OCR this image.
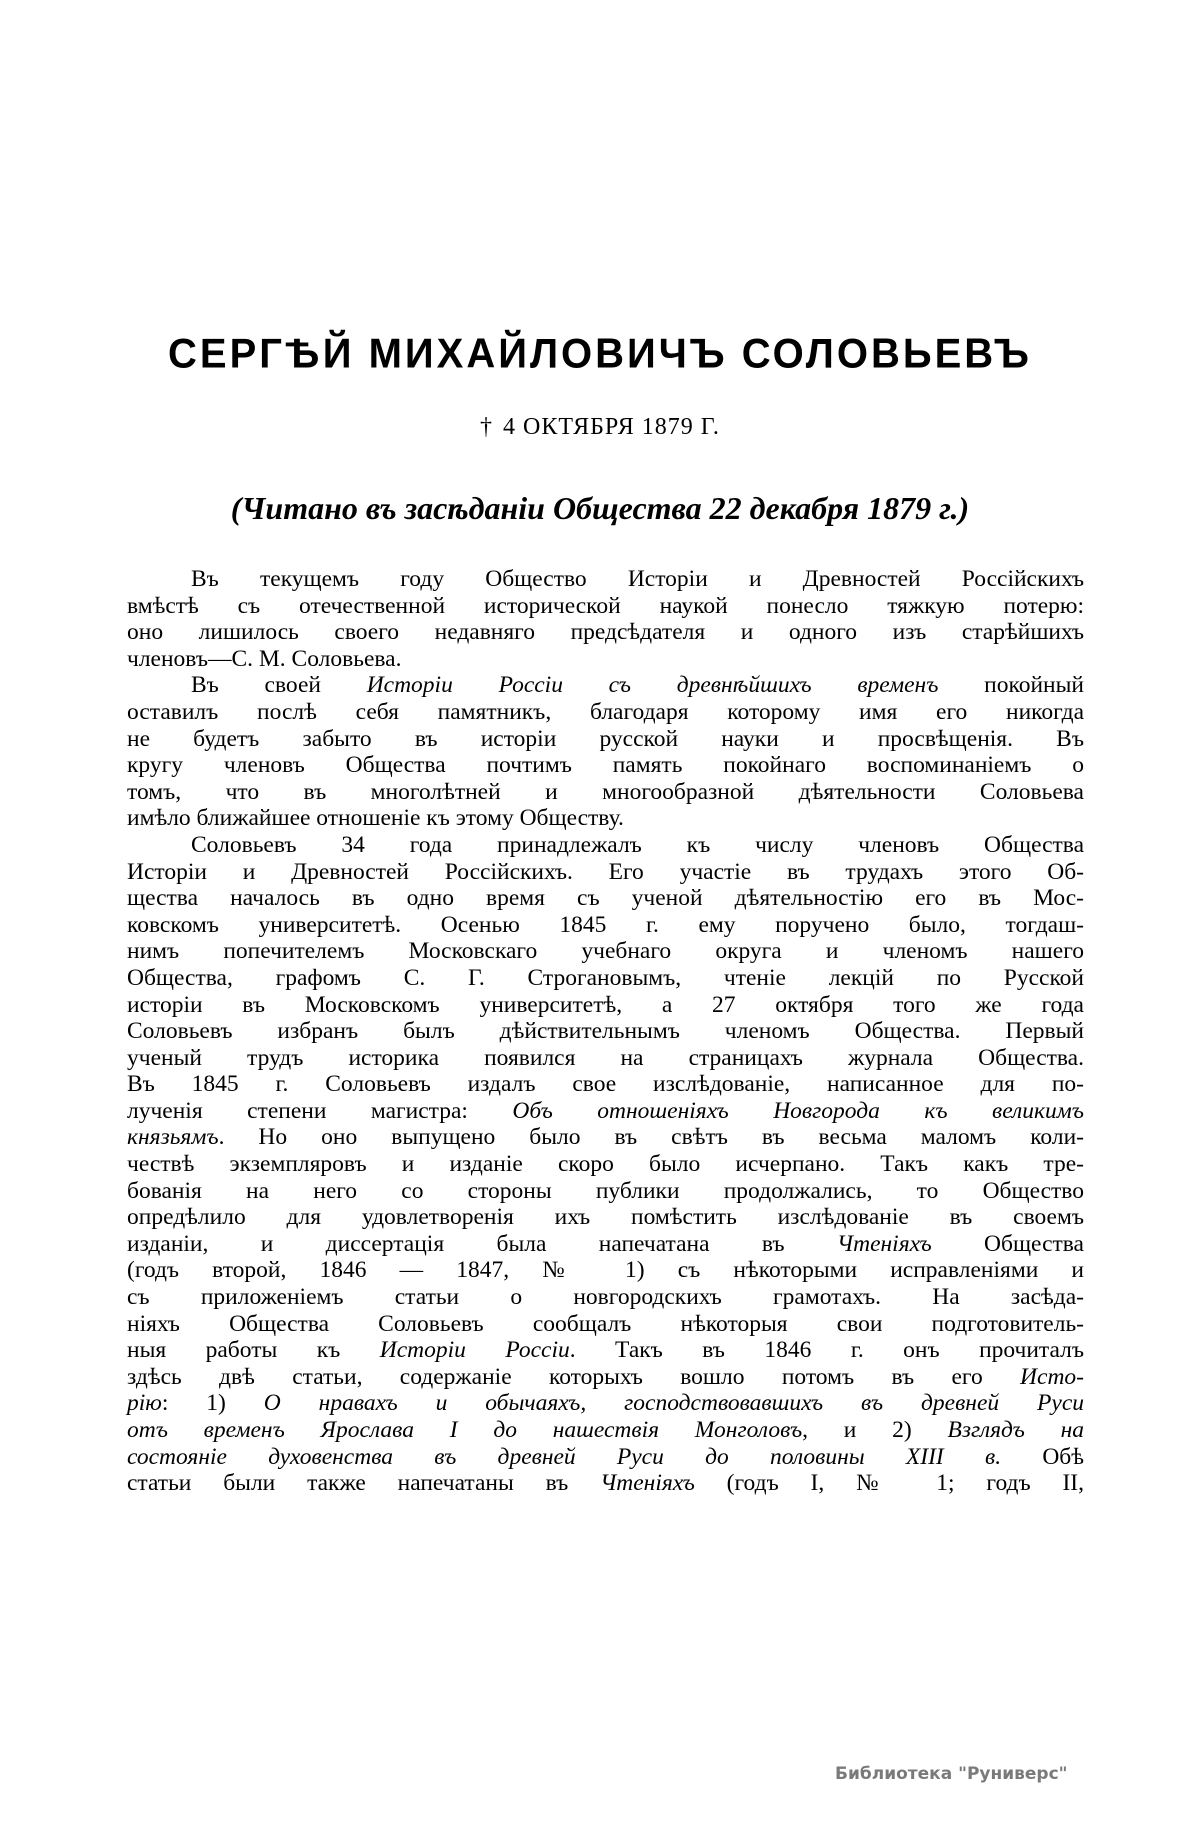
СЕРГѢЙ МИХАЙЛОВИЧЪ СОЛОВЬЕВЪ
† 4 ОКТЯБРЯ 1879 Г.
(Читано въ засѣданіи Общества 22 декабря 1879 г.)
Въ текущемъ году Общество Исторіи и Древностей Россійскихъ
вмѣстѣ съ отечественной исторической наукой понесло тяжкую потерю:
оно лишилось своего недавняго предсѣдателя и одного изъ старѣйшихъ
членовъ—С. М. Соловьева.
Въ своей Исторіи Россіи съ древнѣйшихъ временъ покойный
оставилъ послѣ себя памятникъ, благодаря которому имя его никогда
не будетъ забыто въ исторіи русской науки и просвѣщенія. Въ
кругу членовъ Общества почтимъ память покойнаго воспоминаніемъ о
томъ, что въ многолѣтней и многообразной дѣятельности Соловьева
имѣло ближайшее отношеніе къ этому Обществу.
Соловьевъ 34 года принадлежалъ къ числу членовъ Общества
Исторіи и Древностей Россійскихъ. Его участіе въ трудахъ этого Об-
щества началось въ одно время съ ученой дѣятельностію его въ Мос-
ковскомъ университетѣ. Осенью 1845 г. ему поручено было, тогдаш-
нимъ попечителемъ Московскаго учебнаго округа и членомъ нашего
Общества, графомъ С. Г. Строгановымъ, чтеніе лекцій по Русской
исторіи въ Московскомъ университетѣ, а 27 октября того же года
Соловьевъ избранъ былъ дѣйствительнымъ членомъ Общества. Первый
ученый трудъ историка появился на страницахъ журнала Общества.
Въ 1845 г. Соловьевъ издалъ свое изслѣдованіе, написанное для по-
лученія степени магистра: Объ отношеніяхъ Новгорода къ великимъ
князьямъ. Но оно выпущено было въ свѣтъ въ весьма маломъ коли-
чествѣ экземпляровъ и изданіе скоро было исчерпано. Такъ какъ тре-
бованія на него со стороны публики продолжались, то Общество
опредѣлило для удовлетворенія ихъ помѣстить изслѣдованіе въ своемъ
изданіи, и диссертація была напечатана въ Чтеніяхъ Общества
(годъ второй, 1846 — 1847, № 1) съ нѣкоторыми исправленіями и
съ приложеніемъ статьи о новгородскихъ грамотахъ. На засѣда-
ніяхъ Общества Соловьевъ сообщалъ нѣкоторыя свои подготовитель-
ныя работы къ Исторіи Россіи. Такъ въ 1846 г. онъ прочиталъ
здѣсь двѣ статьи, содержаніе которыхъ вошло потомъ въ его Исто-
рію: 1) О нравахъ и обычаяхъ, господствовавшихъ въ древней Руси
отъ временъ Ярослава I до нашествія Монголовъ, и 2) Взглядъ на
состояніе духовенства въ древней Руси до половины XIII в. Обѣ
статьи были также напечатаны въ Чтеніяхъ (годъ I, № 1; годъ II,
Библиотека "Руниверс"
